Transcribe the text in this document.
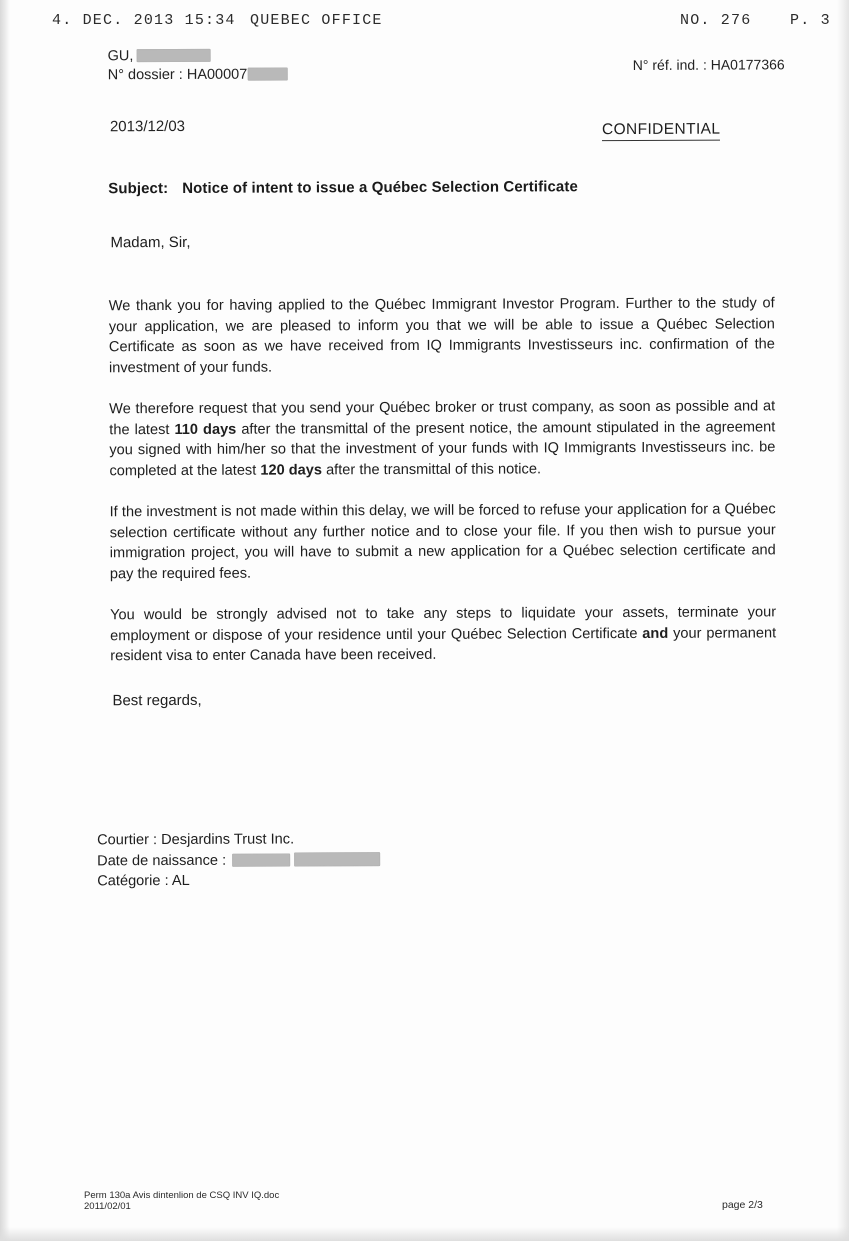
4. DEC. 2013 15:34 QUEBEC OFFICE	NO. 276	P. 3
GU,
N° dossier : HA00007
N° réf. ind. : HA0177366
2013/12/03	CONFIDENTIAL
Subject: Notice of intent to issue a Québec Selection Certificate
Madam, Sir,

We thank you for having applied to the Québec Immigrant Investor Program. Further to the study of your application, we are pleased to inform you that we will be able to issue a Québec Selection Certificate as soon as we have received from IQ Immigrants Investisseurs inc. confirmation of the investment of your funds.

We therefore request that you send your Québec broker or trust company, as soon as possible and at the latest 110 days after the transmittal of the present notice, the amount stipulated in the agreement you signed with him/her so that the investment of your funds with IQ Immigrants Investisseurs inc. be completed at the latest 120 days after the transmittal of this notice.

If the investment is not made within this delay, we will be forced to refuse your application for a Québec selection certificate without any further notice and to close your file. If you then wish to pursue your immigration project, you will have to submit a new application for a Québec selection certificate and pay the required fees.

You would be strongly advised not to take any steps to liquidate your assets, terminate your employment or dispose of your residence until your Québec Selection Certificate and your permanent resident visa to enter Canada have been received.

Best regards,
Courtier : Desjardins Trust Inc.
Date de naissance :
Catégorie : AL
Perm 130a Avis dintenlion de CSQ INV IQ.doc
2011/02/01	page 2/3
